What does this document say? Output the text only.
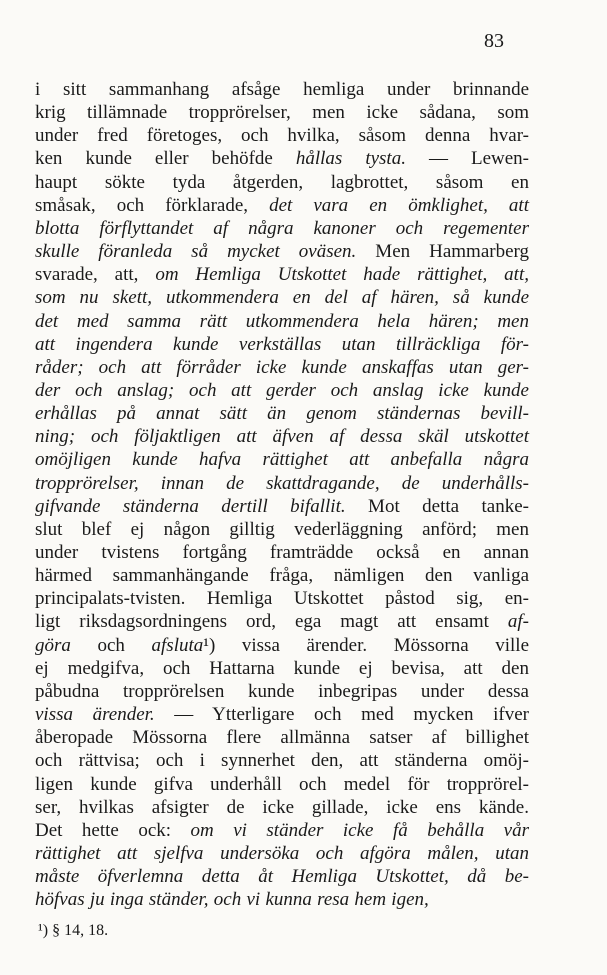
83
i sitt sammanhang afsåge hemliga under brinnande
krig tillämnade tropprörelser, men icke sådana, som
under fred företoges, och hvilka, såsom denna hvar-
ken kunde eller behöfde hållas tysta. — Lewen-
haupt sökte tyda åtgerden, lagbrottet, såsom en
småsak, och förklarade, det vara en ömklighet, att
blotta förflyttandet af några kanoner och regementer
skulle föranleda så mycket oväsen. Men Hammarberg
svarade, att, om Hemliga Utskottet hade rättighet, att,
som nu skett, utkommendera en del af hären, så kunde
det med samma rätt utkommendera hela hären; men
att ingendera kunde verkställas utan tillräckliga för-
råder; och att förråder icke kunde anskaffas utan ger-
der och anslag; och att gerder och anslag icke kunde
erhållas på annat sätt än genom ständernas bevill-
ning; och följaktligen att äfven af dessa skäl utskottet
omöjligen kunde hafva rättighet att anbefalla några
tropprörelser, innan de skattdragande, de underhålls-
gifvande ständerna dertill bifallit. Mot detta tanke-
slut blef ej någon gilltig vederläggning anförd; men
under tvistens fortgång framträdde också en annan
härmed sammanhängande fråga, nämligen den vanliga
principalats-tvisten. Hemliga Utskottet påstod sig, en-
ligt riksdagsordningens ord, ega magt att ensamt af-
göra och afsluta¹) vissa ärender. Mössorna ville
ej medgifva, och Hattarna kunde ej bevisa, att den
påbudna tropprörelsen kunde inbegripas under dessa
vissa ärender. — Ytterligare och med mycken ifver
åberopade Mössorna flere allmänna satser af billighet
och rättvisa; och i synnerhet den, att ständerna omöj-
ligen kunde gifva underhåll och medel för tropprörel-
ser, hvilkas afsigter de icke gillade, icke ens kände.
Det hette ock: om vi ständer icke få behålla vår
rättighet att sjelfva undersöka och afgöra målen, utan
måste öfverlemna detta åt Hemliga Utskottet, då be-
höfvas ju inga ständer, och vi kunna resa hem igen,
¹) § 14, 18.
